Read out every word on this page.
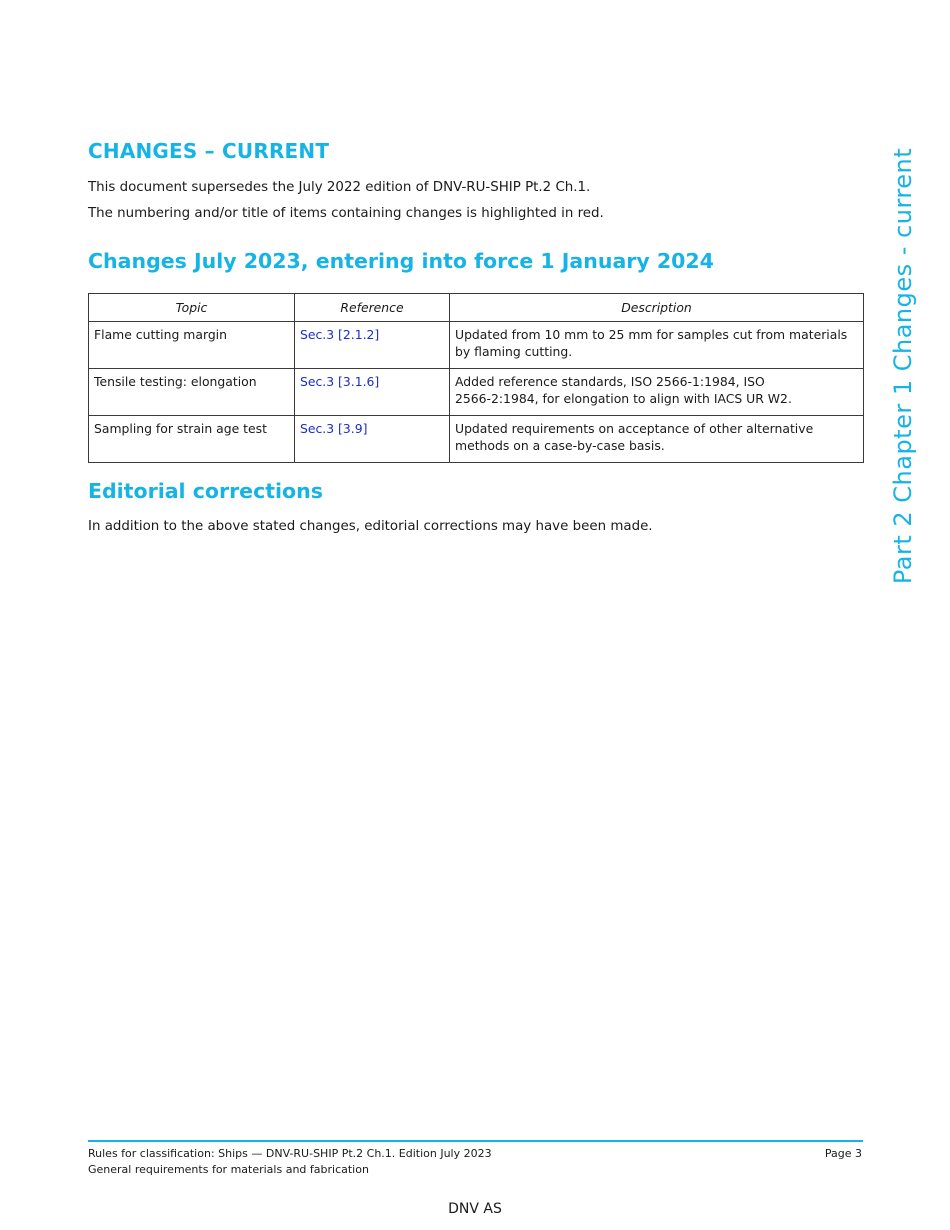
CHANGES – CURRENT

This document supersedes the July 2022 edition of DNV-RU-SHIP Pt.2 Ch.1.

The numbering and/or title of items containing changes is highlighted in red.

Changes July 2023, entering into force 1 January 2024
Topic	Reference	Description
Flame cutting margin	Sec.3 [2.1.2]	Updated from 10 mm to 25 mm for samples cut from materials
by flaming cutting.
Tensile testing: elongation	Sec.3 [3.1.6]	Added reference standards, ISO 2566-1:1984, ISO
2566-2:1984, for elongation to align with IACS UR W2.
Sampling for strain age test	Sec.3 [3.9]	Updated requirements on acceptance of other alternative
methods on a case-by-case basis.
Editorial corrections

In addition to the above stated changes, editorial corrections may have been made.	Part 2 Chapter 1 Changes - current

Rules for classification: Ships — DNV-RU-SHIP Pt.2 Ch.1. Edition July 2023

General requirements for materials and fabrication

Page 3

DNV AS
